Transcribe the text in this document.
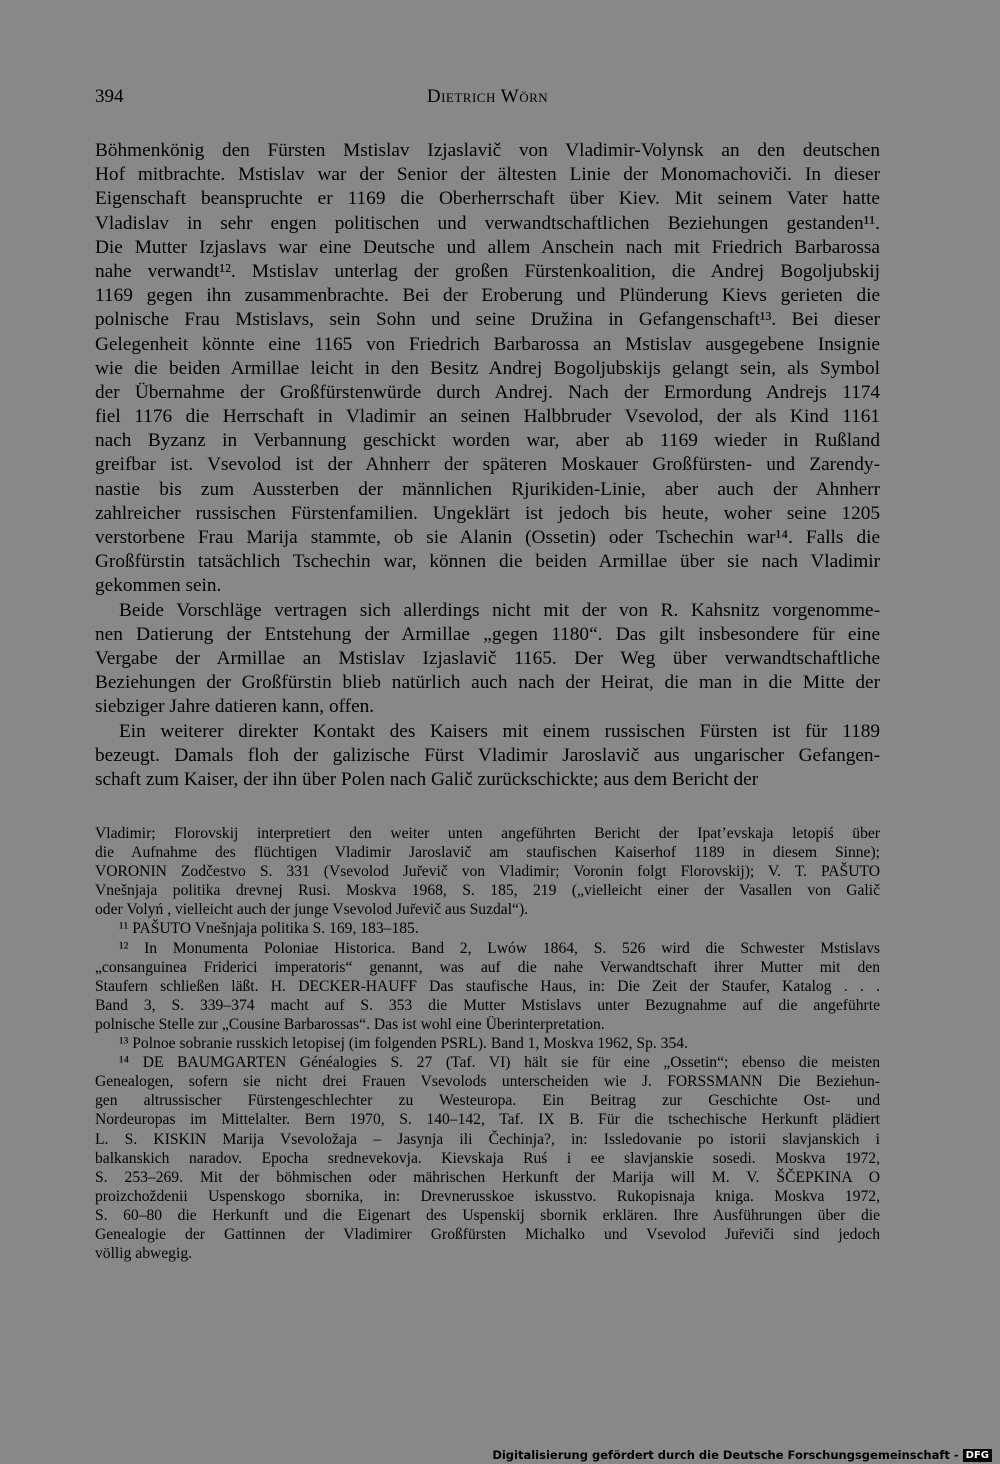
394	Dietrich Wörn
Böhmenkönig den Fürsten Mstislav Izjaslavič von Vladimir-Volynsk an den deutschen
Hof mitbrachte. Mstislav war der Senior der ältesten Linie der Monomachoviči. In dieser
Eigenschaft beanspruchte er 1169 die Oberherrschaft über Kiev. Mit seinem Vater hatte
Vladislav in sehr engen politischen und verwandtschaftlichen Beziehungen gestanden¹¹.
Die Mutter Izjaslavs war eine Deutsche und allem Anschein nach mit Friedrich Barbarossa
nahe verwandt¹². Mstislav unterlag der großen Fürstenkoalition, die Andrej Bogoljubskij
1169 gegen ihn zusammenbrachte. Bei der Eroberung und Plünderung Kievs gerieten die
polnische Frau Mstislavs, sein Sohn und seine Družina in Gefangenschaft¹³. Bei dieser
Gelegenheit könnte eine 1165 von Friedrich Barbarossa an Mstislav ausgegebene Insignie
wie die beiden Armillae leicht in den Besitz Andrej Bogoljubskijs gelangt sein, als Symbol
der Übernahme der Großfürstenwürde durch Andrej. Nach der Ermordung Andrejs 1174
fiel 1176 die Herrschaft in Vladimir an seinen Halbbruder Vsevolod, der als Kind 1161
nach Byzanz in Verbannung geschickt worden war, aber ab 1169 wieder in Rußland
greifbar ist. Vsevolod ist der Ahnherr der späteren Moskauer Großfürsten- und Zarendy-
nastie bis zum Aussterben der männlichen Rjurikiden-Linie, aber auch der Ahnherr
zahlreicher russischen Fürstenfamilien. Ungeklärt ist jedoch bis heute, woher seine 1205
verstorbene Frau Marija stammte, ob sie Alanin (Ossetin) oder Tschechin war¹⁴. Falls die
Großfürstin tatsächlich Tschechin war, können die beiden Armillae über sie nach Vladimir
gekommen sein.
Beide Vorschläge vertragen sich allerdings nicht mit der von R. Kahsnitz vorgenomme-
nen Datierung der Entstehung der Armillae „gegen 1180“. Das gilt insbesondere für eine
Vergabe der Armillae an Mstislav Izjaslavič 1165. Der Weg über verwandtschaftliche
Beziehungen der Großfürstin blieb natürlich auch nach der Heirat, die man in die Mitte der
siebziger Jahre datieren kann, offen.
Ein weiterer direkter Kontakt des Kaisers mit einem russischen Fürsten ist für 1189
bezeugt. Damals floh der galizische Fürst Vladimir Jaroslavič aus ungarischer Gefangen-
schaft zum Kaiser, der ihn über Polen nach Galič zurückschickte; aus dem Bericht der
Vladimir; Florovskij interpretiert den weiter unten angeführten Bericht der Ipat’evskaja letopiś über
die Aufnahme des flüchtigen Vladimir Jaroslavič am staufischen Kaiserhof 1189 in diesem Sinne);
VORONIN Zodčestvo S. 331 (Vsevolod Jur̆evič von Vladimir; Voronin folgt Florovskij); V. T. PAŠUTO
Vnešnjaja politika drevnej Rusi. Moskva 1968, S. 185, 219 („vielleicht einer der Vasallen von Galič
oder Volyń , vielleicht auch der junge Vsevolod Jur̆evič aus Suzdal“).
¹¹ PAŠUTO Vnešnjaja politika S. 169, 183–185.
¹² In Monumenta Poloniae Historica. Band 2, Lwów 1864, S. 526 wird die Schwester Mstislavs
„consanguinea Friderici imperatoris“ genannt, was auf die nahe Verwandtschaft ihrer Mutter mit den
Staufern schließen läßt. H. DECKER-HAUFF Das staufische Haus, in: Die Zeit der Staufer, Katalog . . .
Band 3, S. 339–374 macht auf S. 353 die Mutter Mstislavs unter Bezugnahme auf die angeführte
polnische Stelle zur „Cousine Barbarossas“. Das ist wohl eine Überinterpretation.
¹³ Polnoe sobranie russkich letopisej (im folgenden PSRL). Band 1, Moskva 1962, Sp. 354.
¹⁴ DE BAUMGARTEN Généalogies S. 27 (Taf. VI) hält sie für eine „Ossetin“; ebenso die meisten
Genealogen, sofern sie nicht drei Frauen Vsevolods unterscheiden wie J. FORSSMANN Die Beziehun-
gen altrussischer Fürstengeschlechter zu Westeuropa. Ein Beitrag zur Geschichte Ost- und
Nordeuropas im Mittelalter. Bern 1970, S. 140–142, Taf. IX B. Für die tschechische Herkunft plädiert
L. S. KISKIN Marija Vsevoložaja – Jasynja ili Čechinja?, in: Issledovanie po istorii slavjanskich i
balkanskich naradov. Epocha srednevekovja. Kievskaja Ruś i ee slavjanskie sosedi. Moskva 1972,
S. 253–269. Mit der böhmischen oder mährischen Herkunft der Marija will M. V. ŠČEPKINA O
proizchoždenii Uspenskogo sbornika, in: Drevnerusskoe iskusstvo. Rukopisnaja kniga. Moskva 1972,
S. 60–80 die Herkunft und die Eigenart des Uspenskij sbornik erklären. Ihre Ausführungen über die
Genealogie der Gattinnen der Vladimirer Großfürsten Michalko und Vsevolod Jur̆eviči sind jedoch
völlig abwegig.
Digitalisierung gefördert durch die Deutsche Forschungsgemeinschaft - DFG
